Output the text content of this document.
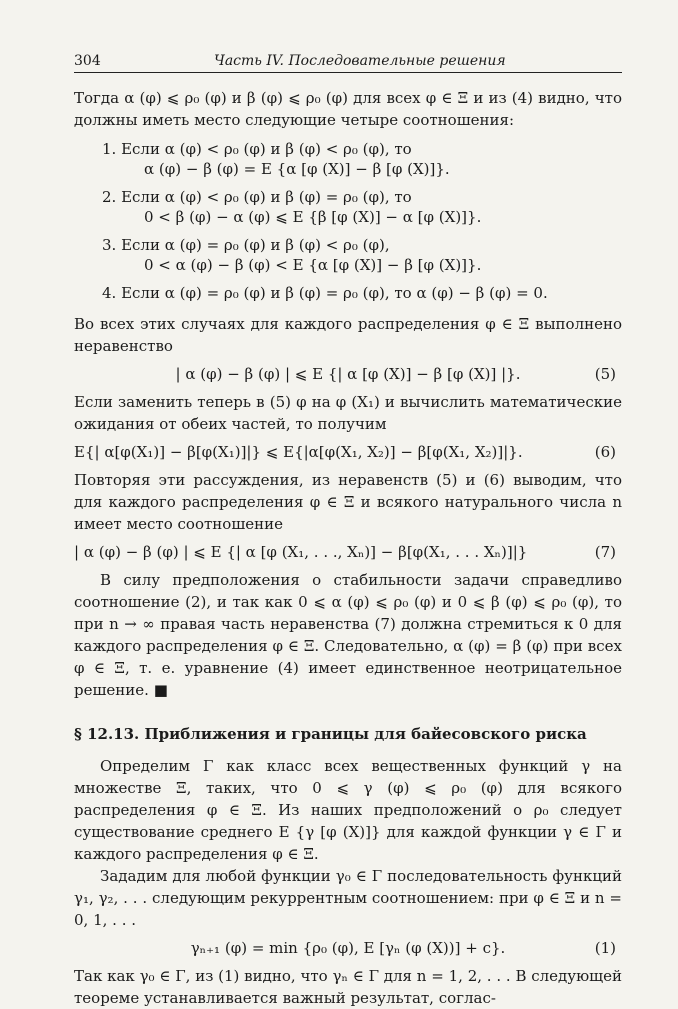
304	Часть IV. Последовательные решения

Тогда α (φ) ⩽ ρ₀ (φ) и β (φ) ⩽ ρ₀ (φ) для всех φ ∈ Ξ и из (4) видно, что должны иметь место следующие четыре соотношения:

1. Если α (φ) < ρ₀ (φ) и β (φ) < ρ₀ (φ), то
α (φ) − β (φ) = E {α [φ (X)] − β [φ (X)]}.
2. Если α (φ) < ρ₀ (φ) и β (φ) = ρ₀ (φ), то
0 < β (φ) − α (φ) ⩽ E {β [φ (X)] − α [φ (X)]}.
3. Если α (φ) = ρ₀ (φ) и β (φ) < ρ₀ (φ),
0 < α (φ) − β (φ) < E {α [φ (X)] − β [φ (X)]}.
4. Если α (φ) = ρ₀ (φ) и β (φ) = ρ₀ (φ), то α (φ) − β (φ) = 0.

Во всех этих случаях для каждого распределения φ ∈ Ξ выполнено неравенство

| α (φ) − β (φ) | ⩽ E {| α [φ (X)] − β [φ (X)] |}.	(5)

Если заменить теперь в (5) φ на φ (X₁) и вычислить математические ожидания от обеих частей, то получим

E{| α[φ(X₁)] − β[φ(X₁)]|} ⩽ E{|α[φ(X₁, X₂)] − β[φ(X₁, X₂)]|}.	(6)

Повторяя эти рассуждения, из неравенств (5) и (6) выводим, что для каждого распределения φ ∈ Ξ и всякого натурального числа n имеет место соотношение

| α (φ) − β (φ) | ⩽ E {| α [φ (X₁, . . ., Xₙ)] − β[φ(X₁, . . . Xₙ)]|}	(7)

В силу предположения о стабильности задачи справедливо соотношение (2), и так как 0 ⩽ α (φ) ⩽ ρ₀ (φ) и 0 ⩽ β (φ) ⩽ ρ₀ (φ), то при n → ∞ правая часть неравенства (7) должна стремиться к 0 для каждого распределения φ ∈ Ξ. Следовательно, α (φ) = β (φ) при всех φ ∈ Ξ, т. е. уравнение (4) имеет единственное неотрицательное решение. ■

§ 12.13. Приближения и границы для байесовского риска

Определим Γ как класс всех вещественных функций γ на множестве Ξ, таких, что 0 ⩽ γ (φ) ⩽ ρ₀ (φ) для всякого распределения φ ∈ Ξ. Из наших предположений о ρ₀ следует существование среднего E {γ [φ (X)]} для каждой функции γ ∈ Γ и каждого распределения φ ∈ Ξ.

Зададим для любой функции γ₀ ∈ Γ последовательность функций γ₁, γ₂, . . . следующим рекуррентным соотношением: при φ ∈ Ξ и n = 0, 1, . . .

γₙ₊₁ (φ) = min {ρ₀ (φ), E [γₙ (φ (X))] + c}.	(1)

Так как γ₀ ∈ Γ, из (1) видно, что γₙ ∈ Γ для n = 1, 2, . . . В следующей теореме устанавливается важный результат, соглас-
